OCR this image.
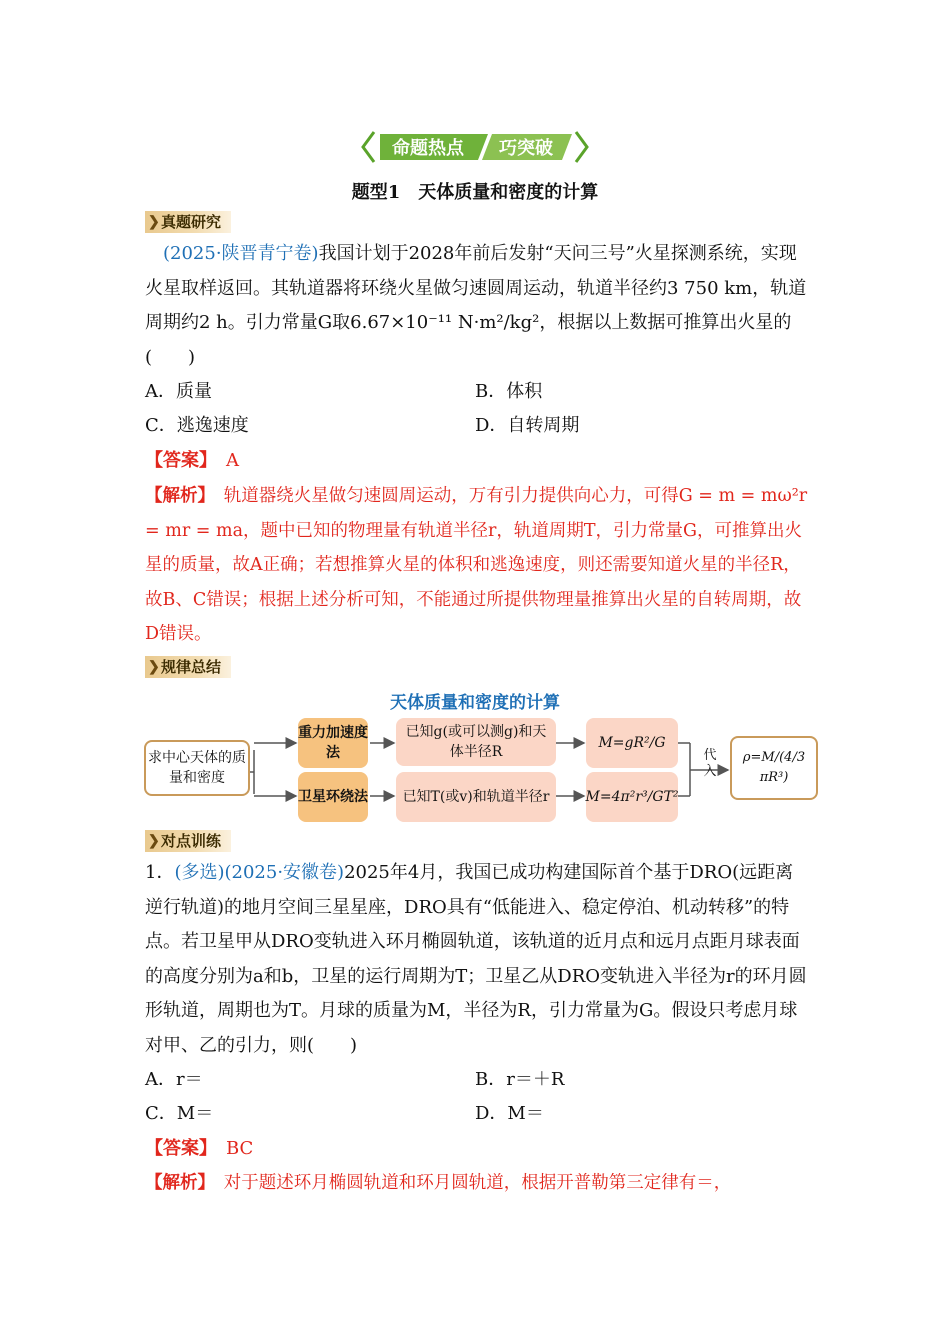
命题热点 巧突破
题型1　天体质量和密度的计算
❯ 真题研究
(2025·陕晋青宁卷)我国计划于2028年前后发射“天问三号”火星探测系统，实现火星取样返回。其轨道器将环绕火星做匀速圆周运动，轨道半径约3 750 km，轨道周期约2 h。引力常量G取6.67×10⁻¹¹ N·m²/kg²，根据以上数据可推算出火星的(　　)
A．质量	B．体积
C．逃逸速度	D．自转周期
【答案】　 A
【解析】　 轨道器绕火星做匀速圆周运动，万有引力提供向心力，可得G = m = mω²r = mr = ma，题中已知的物理量有轨道半径r，轨道周期T，引力常量G，可推算出火星的质量，故A正确；若想推算火星的体积和逃逸速度，则还需要知道火星的半径R，故B、C错误；根据上述分析可知，不能通过所提供物理量推算出火星的自转周期，故D错误。
❯ 规律总结
天体质量和密度的计算
求中心天体的质量和密度
重力加速度法
卫星环绕法
已知g(或可以测g)和天体半径R
已知T(或v)和轨道半径r
M=gR²/G
M=4π²r³/GT²
代入
ρ=M/(4/3 πR³)
❯ 对点训练
1．(多选)(2025·安徽卷)2025年4月，我国已成功构建国际首个基于DRO(远距离逆行轨道)的地月空间三星星座，DRO具有“低能进入、稳定停泊、机动转移”的特点。若卫星甲从DRO变轨进入环月椭圆轨道，该轨道的近月点和远月点距月球表面的高度分别为a和b，卫星的运行周期为T；卫星乙从DRO变轨进入半径为r的环月圆形轨道，周期也为T。月球的质量为M，半径为R，引力常量为G。假设只考虑月球对甲、乙的引力，则(　　)
A．r＝	B．r＝＋R
C．M＝	D．M＝
【答案】　 BC
【解析】　 对于题述环月椭圆轨道和环月圆轨道，根据开普勒第三定律有＝，
